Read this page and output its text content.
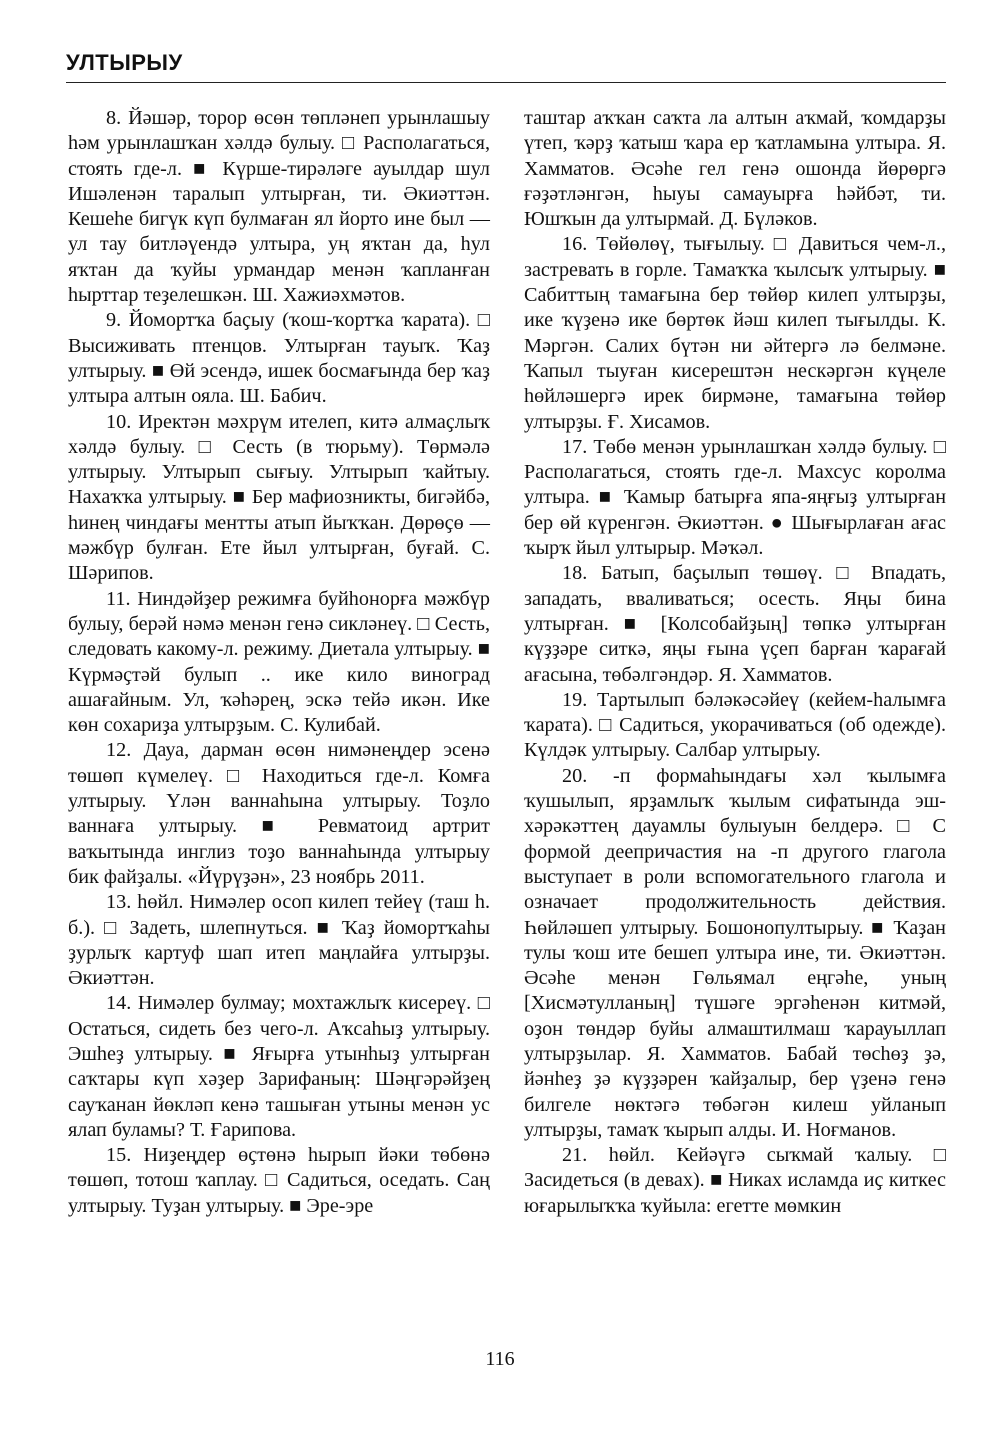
УЛТЫРЫУ

8. Йәшәр, торор өсөн төпләнеп урынлашыу һәм урынлашҡан хәлдә булыу. □ Располагаться, стоять где-л. ■ Күрше-тирәләге ауылдар шул Ишәленән таралып ултырған, ти. Әкиәттән. Кешеһе бигүк күп булмаған ял йорто ине был — ул тау битләүендә ултыра, уң яҡтан да, һул яҡтан да ҡуйы урмандар менән ҡапланған һырттар теҙелешкән. Ш. Хажиәхмәтов.

9. Йомортҡа баҫыу (ҡош-ҡортҡа ҡарата). □ Высиживать птенцов. Ултырған тауыҡ. Ҡаҙ ултырыу. ■ Өй эсендә, ишек босмағында бер ҡаҙ ултыра алтын ояла. Ш. Бабич.

10. Иректән мәхрүм ителеп, китә алмаҫлыҡ хәлдә булыу. □ Сесть (в тюрьму). Төрмәлә ултырыу. Ултырып сығыу. Ултырып ҡайтыу. Нахаҡҡа ултырыу. ■ Бер мафиозникты, бигәйбә, һинең чиндағы ментты атып йыҡҡан. Дөрөҫө — мәжбүр булған. Ете йыл ултырған, буғай. С. Шәрипов.

11. Ниндәйҙер режимға буйһонорға мәжбүр булыу, берәй нәмә менән генә сикләнеү. □ Сесть, следовать какому-л. режиму. Диетала ултырыу. ■ Күрмәҫтәй булып .. ике кило виноград ашағайным. Ул, ҡәһәрең, эскә тейә икән. Ике көн сохариҙа ултырҙым. С. Кулибай.

12. Дауа, дарман өсөн нимәнеңдер эсенә төшөп күмелеү. □ Находиться где-л. Комға ултырыу. Үлән ваннаһына ултырыу. Тоҙло ваннаға ултырыу. ■ Ревматоид артрит ваҡытында инглиз тоҙо ваннаһында ултырыу бик файҙалы. «Йүрүҙән», 23 ноябрь 2011.

13. һөйл. Нимәлер осоп килеп тейеү (таш һ. б.). □ Задеть, шлепнуться. ■ Ҡаҙ йомортҡаһы ҙурлыҡ картуф шап итеп маңлайға ултырҙы. Әкиәттән.

14. Нимәлер булмау; мохтажлыҡ кисереү. □ Остаться, сидеть без чего-л. Аҡсаһыҙ ултырыу. Эшһеҙ ултырыу. ■ Яғырға утынһыҙ ултырған саҡтары күп хәҙер Зарифаның: Шәңгәрәйҙең сауҡанан йөкләп кенә ташыған утыны менән ус ялап буламы? Т. Ғарипова.

15. Ниҙеңдер өҫтөнә һырып йәки төбөнә төшөп, тотош ҡаплау. □ Садиться, оседать. Саң ултырыу. Туҙан ултырыу. ■ Эре-эре

таштар аҡҡан саҡта ла алтын аҡмай, ҡомдарҙы үтеп, ҡәрҙ ҡатыш ҡара ер ҡатламына ултыра. Я. Хамматов. Әсәһе гел генә ошонда йөрөргә ғәҙәтләнгән, һыуы самауырға һәйбәт, ти. Юшҡын да ултырмай. Д. Бүләков.

16. Төйөлөү, тығылыу. □ Давиться чем-л., застревать в горле. Тамаҡҡа ҡылсыҡ ултырыу. ■ Сабиттың тамағына бер төйөр килеп ултырҙы, ике ҡүҙенә ике бөртөк йәш килеп тығылды. К. Мәргән. Салих бүтән ни әйтергә лә белмәне. Ҡапыл тыуған кисерештән нескәргән күңеле һөйләшергә ирек бирмәне, тамағына төйөр ултырҙы. Ғ. Хисамов.

17. Төбө менән урынлашҡан хәлдә булыу. □ Располагаться, стоять где-л. Махсус королма ултыра. ■ Ҡамыр батырға япа-яңғыҙ ултырған бер өй күренгән. Әкиәттән. ● Шығырлаған ағас ҡырҡ йыл ултырыр. Мәҡәл.

18. Батып, баҫылып төшөү. □ Впадать, западать, вваливаться; осесть. Яңы бина ултырған. ■ [Колсобайҙың] төпкә ултырған күҙҙәре ситкә, яңы ғына үҫеп барған ҡарағай ағасына, төбәлгәндәр. Я. Хамматов.

19. Тартылып бәләкәсәйеү (кейем-һалымға ҡарата). □ Садиться, укорачиваться (об одежде). Күлдәк ултырыу. Салбар ултырыу.

20. -п формаһындағы хәл ҡылымға ҡушылып, ярҙамлыҡ ҡылым сифатында эш-хәрәкәттең дауамлы булыуын белдерә. □ С формой деепричастия на -п другого глагола выступает в роли вспомогательного глагола и означает продолжительность действия. Һөйләшеп ултырыу. Бошонопултырыу. ■ Ҡаҙан тулы ҡош ите бешеп ултыра ине, ти. Әкиәттән. Әсәһе менән Гөльямал еңгәһе, уның [Хисмәтулланың] түшәге эргәһенән китмәй, оҙон төндәр буйы алмаштилмаш ҡарауыллап ултырҙылар. Я. Хамматов. Бабай төсһөҙ ҙә, йәнһеҙ ҙә күҙҙәрен ҡайҙалыр, бер үҙенә генә билгеле нөктәгә төбәгән килеш уйланып ултырҙы, тамаҡ ҡырып алды. И. Ноғманов.

21. һөйл. Кейәүгә сыҡмай ҡалыу. □ Засидеться (в девах). ■ Никах исламда иҫ киткес юғарылыҡҡа ҡуйыла: егетте мөмкин

116
